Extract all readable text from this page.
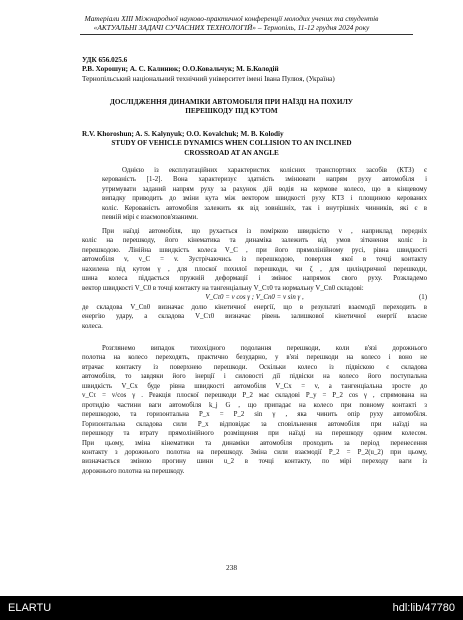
Матеріали XIII Міжнародної науково-практичної конференції молодих учених та студентів
«АКТУАЛЬНІ ЗАДАЧІ СУЧАСНИХ ТЕХНОЛОГІЙ» – Тернопіль, 11-12 грудня 2024 року
УДК 656.025.6
Р.В. Хорошун; А. С. Калинюк; О.О.Ковальчук; М. Б.Колодій
Тернопільський національний технічний університет імені Івана Пулюя, (Україна)
ДОСЛІДЖЕННЯ ДИНАМІКИ АВТОМОБІЛЯ ПРИ НАЇЗДІ НА ПОХИЛУ
ПЕРЕШКОДУ ПІД КУТОМ
R.V. Khoroshun; A. S. Kalynyuk; O.O. Kovalchuk; M. B. Kolodiy
STUDY OF VEHICLE DYNAMICS WHEN COLLISION TO AN INCLINED
CROSSROAD AT AN ANGLE
Однією із експлуатаційних характеристик колісних транспортних засобів (КТЗ) є
керованість [1-2]. Вона характеризує здатність змінювати напрям руху автомобіля і
утримувати заданий напрям руху за рахунок дій водія на кермове колесо, що в кінцевому
випадку приводить до зміни кута між вектором швидкості руху КТЗ і площиною керованих
коліс. Керованість автомобіля залежить як від зовнішніх, так і внутрішніх чинників, які є в
певній мірі є взаємопов'язаними.
При наїзді автомобіля, що рухається із поміркою швидкістю v , наприклад передніх
коліс на перешкоду, його кінематика та динаміка залежить від умов зіткнення коліс із
перешкодою. Лінійна швидкість колеса V_C , при його прямолінійному русі, рівна швидкості
автомобіля v, v_C = v. Зустрічаючись із перешкодою, поверхня якої в точці контакту
нахилена під кутом γ , для плоскої похилої перешкоди, чи ζ , для циліндричної перешкоди,
шина колеса піддається пружній деформації і змінює напрямок свого руху. Розкладемо
вектор швидкості V_C0 в точці контакту на тангенціальну V_Cτ0 та нормальну V_Cn0 складові:
V_Cτ0 = v cos γ ; V_Cn0 = v sin γ ,	(1)
де складова V_Cn0 визначає долю кінетичної енергії, що в результаті взаємодії переходить в
енергію удару, а складова V_Cτ0 визначає рівень залишкової кінетичної енергії власне
колеса.
Розглянемо випадок тихохідного подолання перешкоди, коли в'язі дорожнього
полотна на колесо переходять, практично безударно, у в'язі перешкоди на колесо і воно не
втрачає контакту із поверхнею перешкоди. Оскільки колесо із підвіскою є складова
автомобіля, то завдяки його інерції і силовості дії підвіски на колесо його поступальна
швидкість V_Cx буде рівна швидкості автомобіля V_Cx = v, а тангенціальна зросте до
v_Cτ = v/cos γ . Реакція плоскої перешкоди P_2 має складові P_y = P_2 cos γ , спрямована на
протидію частини ваги автомобіля k_j G , що припадає на колесо при повному контакті з
перешкодою, та горизонтальна P_x = P_2 sin γ , яка чинить опір руху автомобіля.
Горизонтальна складова сили P_x відповідає за сповільнення автомобіля при наїзді на
перешкоду та втрату прямолінійного розміщення при наїзді на перешкоду одним колесом.
При цьому, зміна кінематики та динаміки автомобіля проходить за період перенесення
контакту з дорожнього полотна на перешкоду. Зміна сили взаємодії P_2 = P_2(u_2) при цьому,
визначається зміною прогину шини u_2 в точці контакту, по мірі переходу ваги із
дорожнього полотна на перешкоду.
238
ELARTU	hdl:lib/47780
